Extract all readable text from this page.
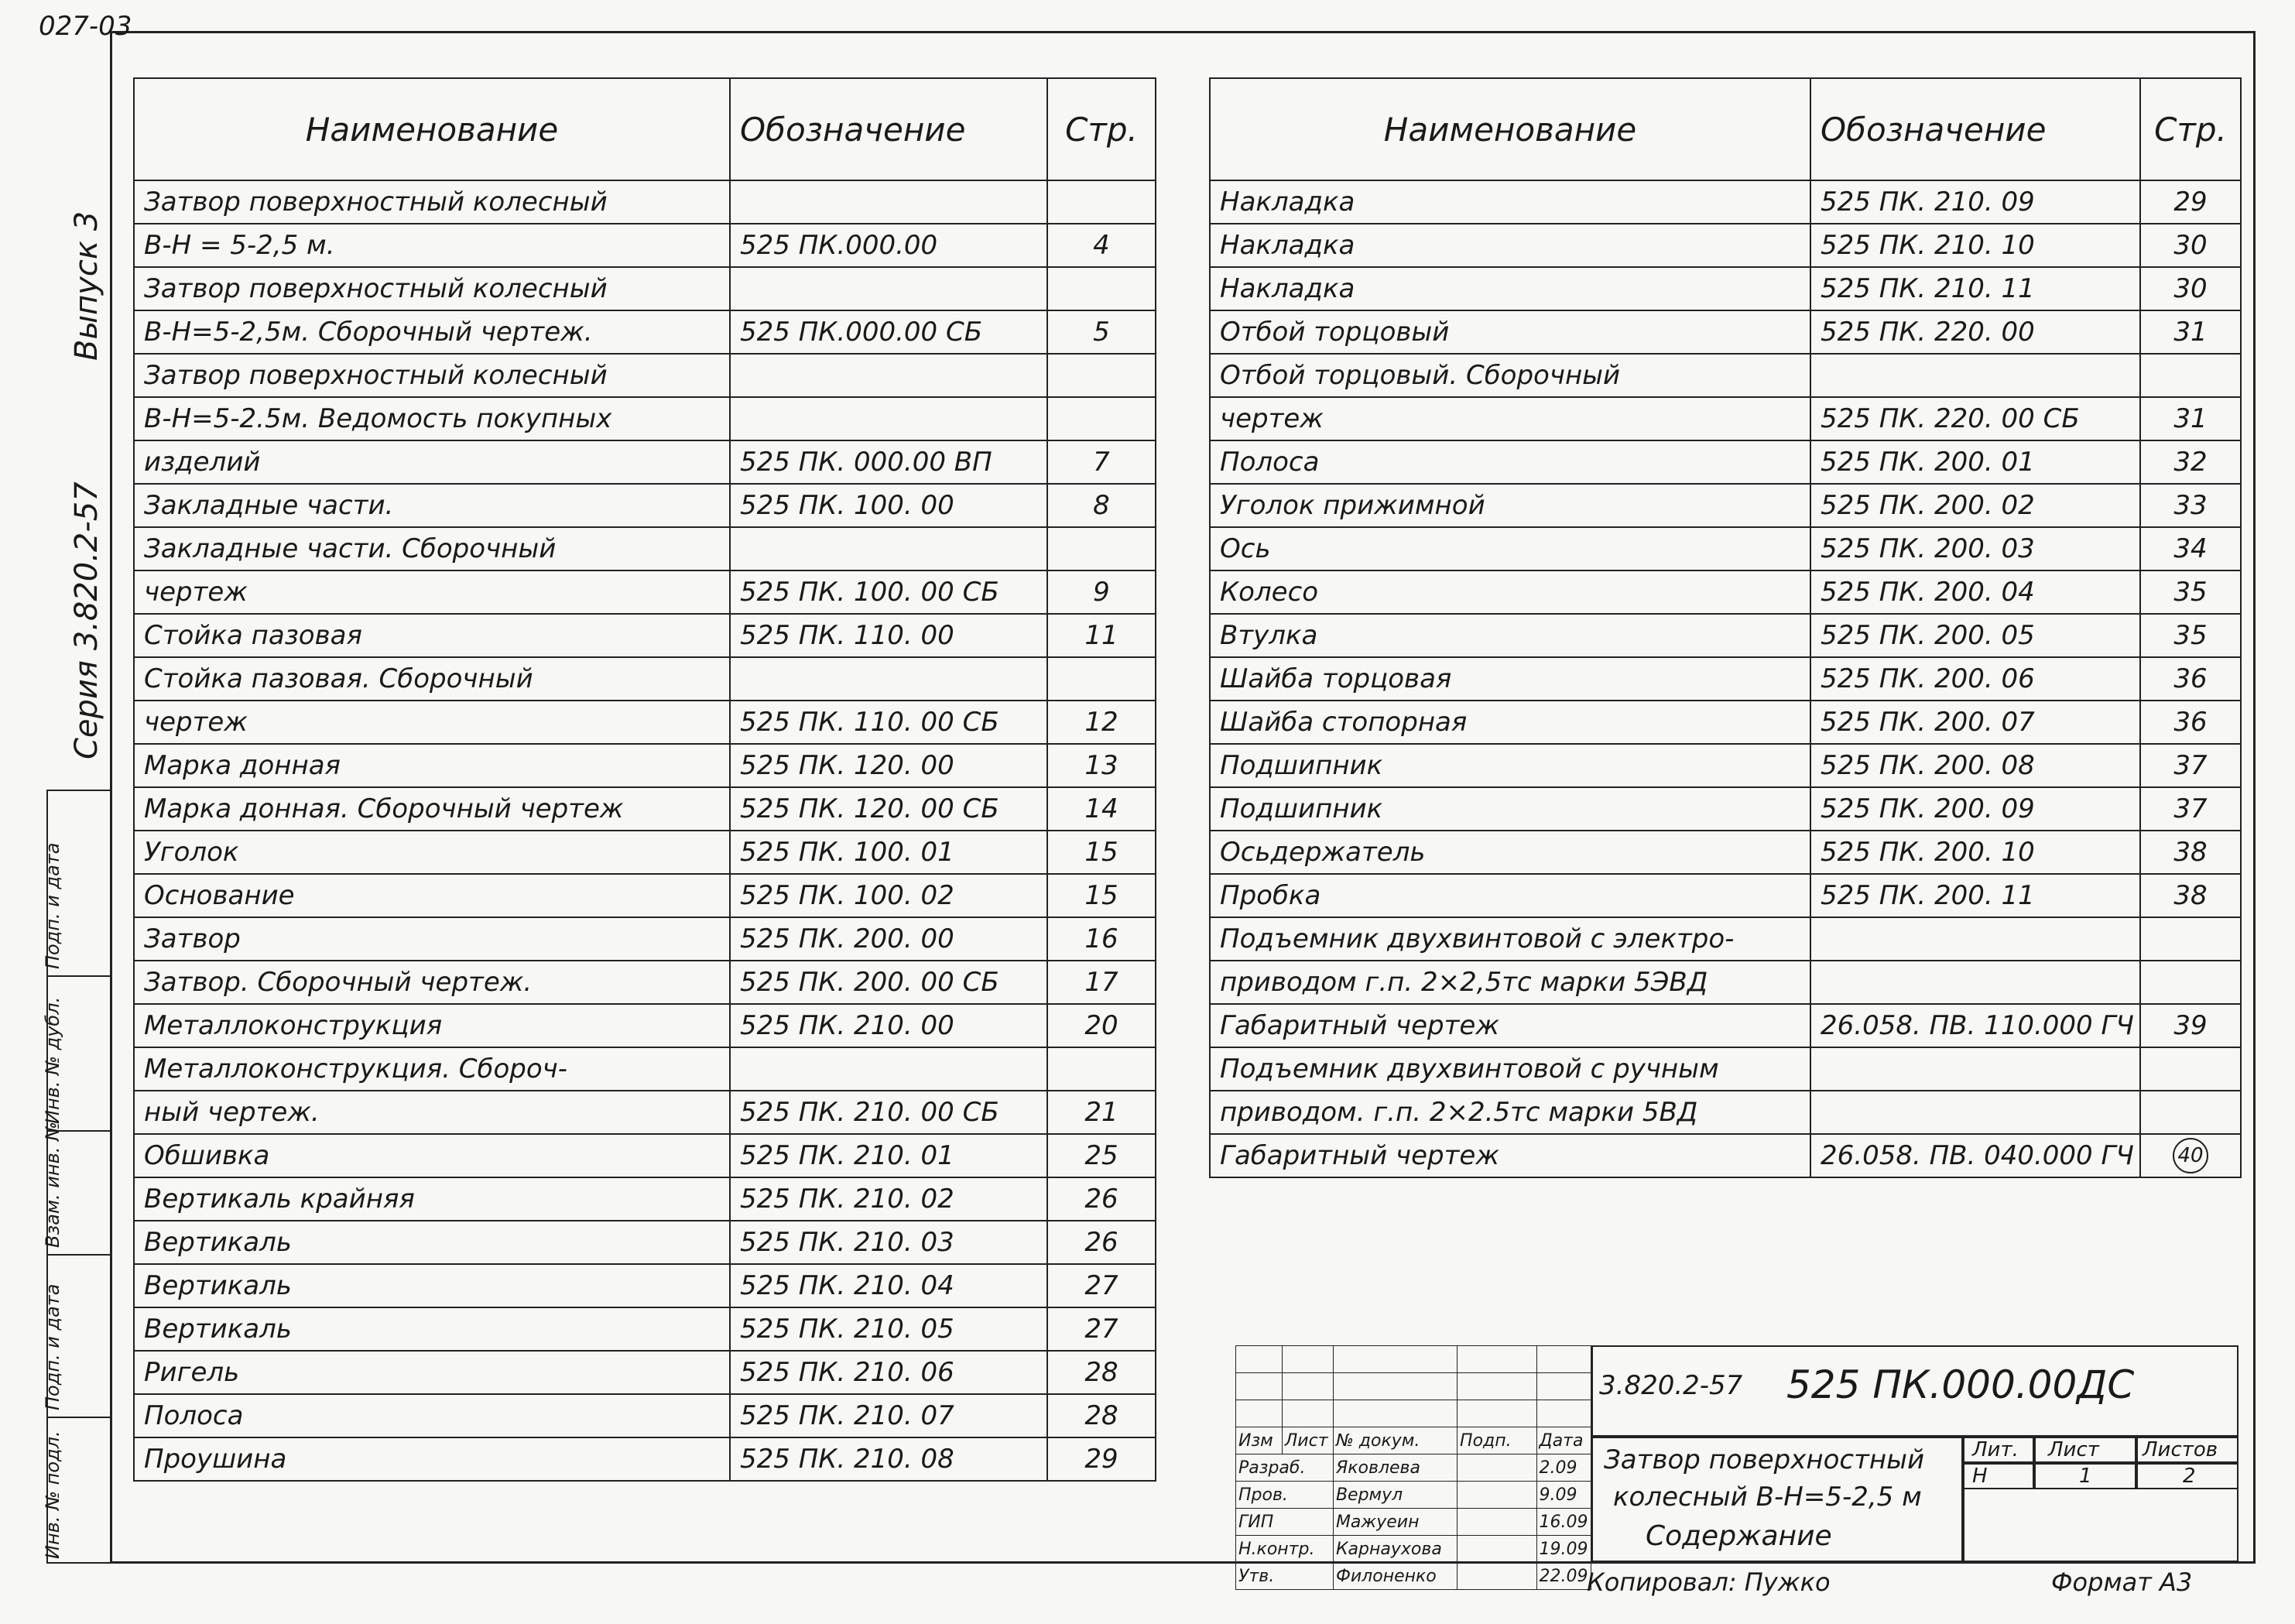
027-03
Выпуск 3
Серия 3.820.2-57
Подп. и дата
Инв. № дубл.
Взам. инв. №
Подп. и дата
Инв. № подл.
Наименование	Обозначение	Стр.
Затвор поверхностный колесный		
В-Н = 5-2,5 м.	525 ПК.000.00	4
Затвор поверхностный колесный		
В-Н=5-2,5м. Сборочный чертеж.	525 ПК.000.00 СБ	5
Затвор поверхностный колесный		
В-Н=5-2.5м. Ведомость покупных		
изделий	525 ПК. 000.00 ВП	7
Закладные части.	525 ПК. 100. 00	8
Закладные части. Сборочный		
чертеж	525 ПК. 100. 00 СБ	9
Стойка пазовая	525 ПК. 110. 00	11
Стойка пазовая. Сборочный		
чертеж	525 ПК. 110. 00 СБ	12
Марка донная	525 ПК. 120. 00	13
Марка донная. Сборочный чертеж	525 ПК. 120. 00 СБ	14
Уголок	525 ПК. 100. 01	15
Основание	525 ПК. 100. 02	15
Затвор	525 ПК. 200. 00	16
Затвор. Сборочный чертеж.	525 ПК. 200. 00 СБ	17
Металлоконструкция	525 ПК. 210. 00	20
Металлоконструкция. Сбороч-		
ный чертеж.	525 ПК. 210. 00 СБ	21
Обшивка	525 ПК. 210. 01	25
Вертикаль крайняя	525 ПК. 210. 02	26
Вертикаль	525 ПК. 210. 03	26
Вертикаль	525 ПК. 210. 04	27
Вертикаль	525 ПК. 210. 05	27
Ригель	525 ПК. 210. 06	28
Полоса	525 ПК. 210. 07	28
Проушина	525 ПК. 210. 08	29
Наименование	Обозначение	Стр.
Накладка	525 ПК. 210. 09	29
Накладка	525 ПК. 210. 10	30
Накладка	525 ПК. 210. 11	30
Отбой торцовый	525 ПК. 220. 00	31
Отбой торцовый. Сборочный		
чертеж	525 ПК. 220. 00 СБ	31
Полоса	525 ПК. 200. 01	32
Уголок прижимной	525 ПК. 200. 02	33
Ось	525 ПК. 200. 03	34
Колесо	525 ПК. 200. 04	35
Втулка	525 ПК. 200. 05	35
Шайба торцовая	525 ПК. 200. 06	36
Шайба стопорная	525 ПК. 200. 07	36
Подшипник	525 ПК. 200. 08	37
Подшипник	525 ПК. 200. 09	37
Осьдержатель	525 ПК. 200. 10	38
Пробка	525 ПК. 200. 11	38
Подъемник двухвинтовой с электро-		
приводом г.п. 2×2,5тс марки 5ЭВД		
Габаритный чертеж	26.058. ПВ. 110.000 ГЧ	39
Подъемник двухвинтовой с ручным		
приводом. г.п. 2×2.5тс марки 5ВД		
Габаритный чертеж	26.058. ПВ. 040.000 ГЧ	40

Изм	Лист	№ докум.	Подп.	Дата
Разраб.		Яковлева		2.09
Пров.		Вермул		9.09
ГИП		Мажуеин		16.09
Н.контр.		Карнаухова		19.09
Утв.		Филоненко		22.09
3.820.2-57 525 ПК.000.00ДС
Затвор поверхностный
колесный В-Н=5-2,5 м
Содержание
Лит. Лист Листов
Н	1	2
Копировал: Пужко	Формат А3
